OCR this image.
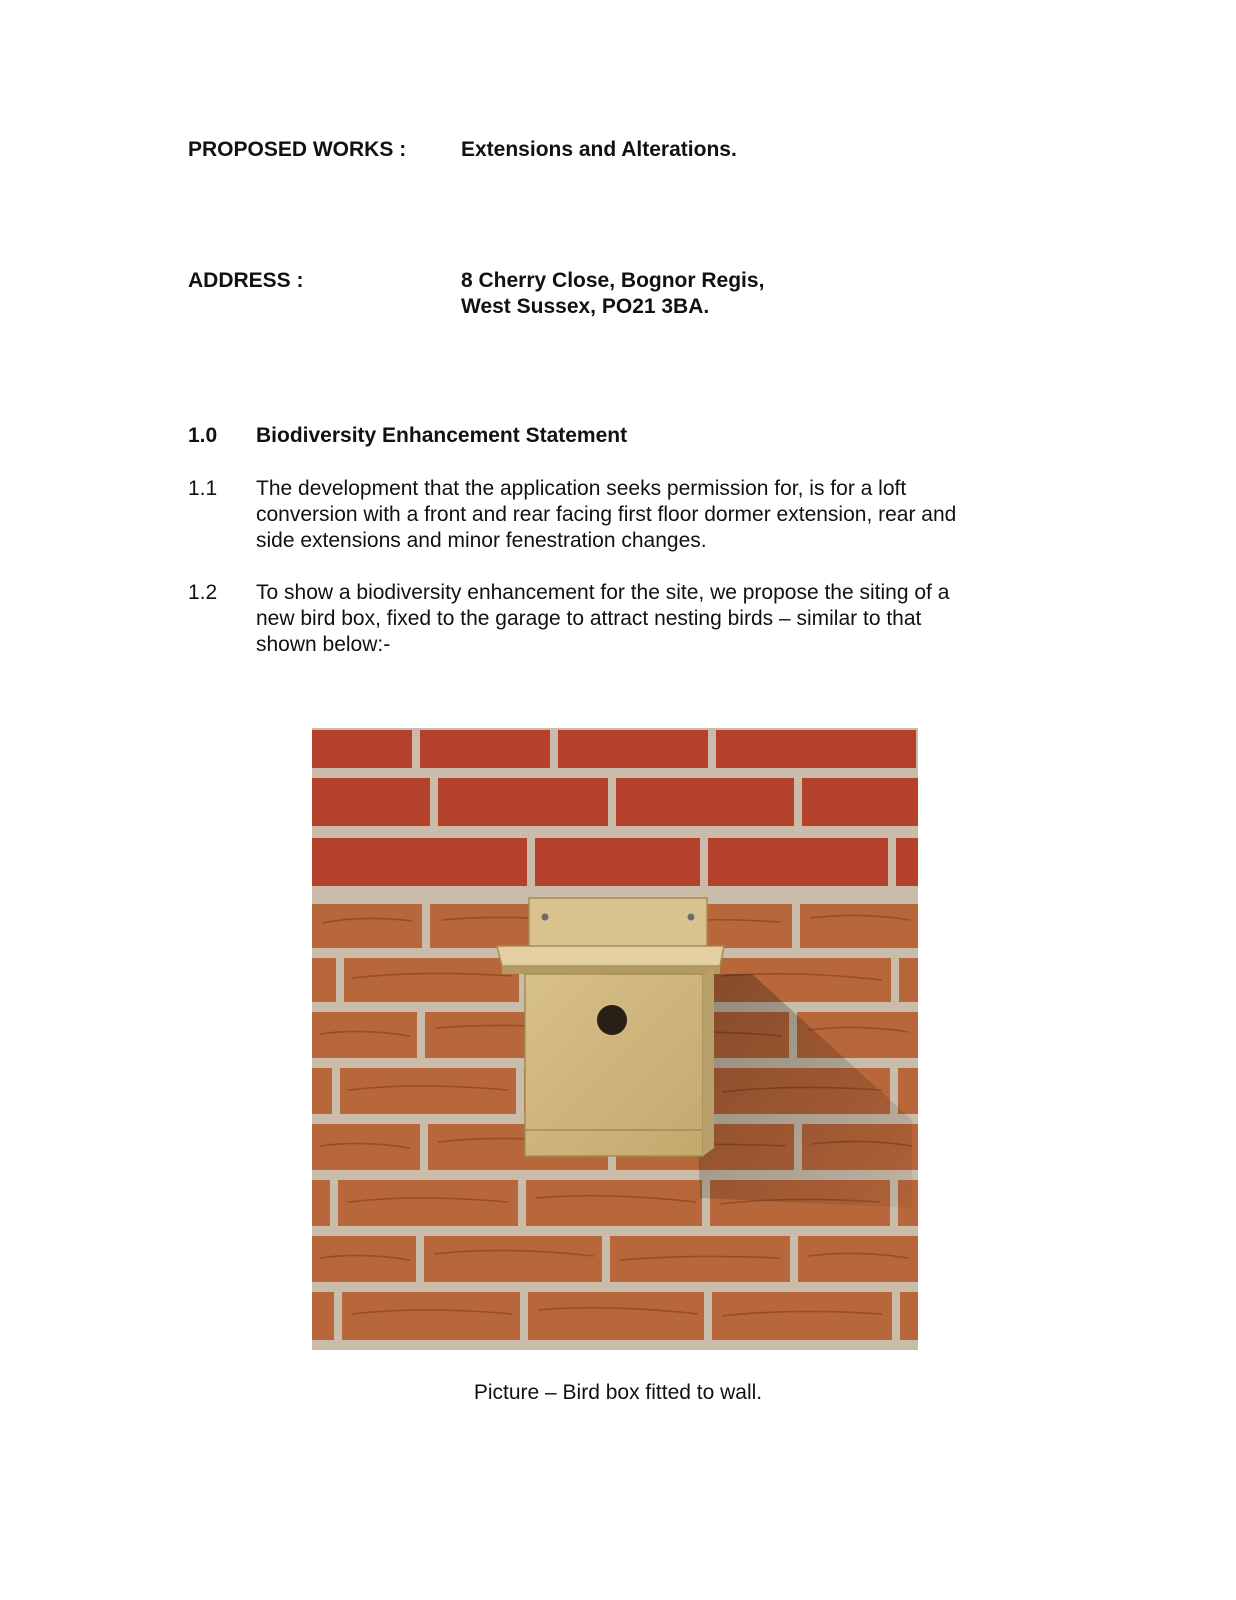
PROPOSED WORKS :	Extensions and Alterations.
ADDRESS :	8 Cherry Close, Bognor Regis,
West Sussex, PO21 3BA.
1.0 Biodiversity Enhancement Statement
1.1 The development that the application seeks permission for, is for a loft
conversion with a front and rear facing first floor dormer extension, rear and
side extensions and minor fenestration changes.
1.2 To show a biodiversity enhancement for the site, we propose the siting of a
new bird box, fixed to the garage to attract nesting birds – similar to that
shown below:-
Picture – Bird box fitted to wall.
